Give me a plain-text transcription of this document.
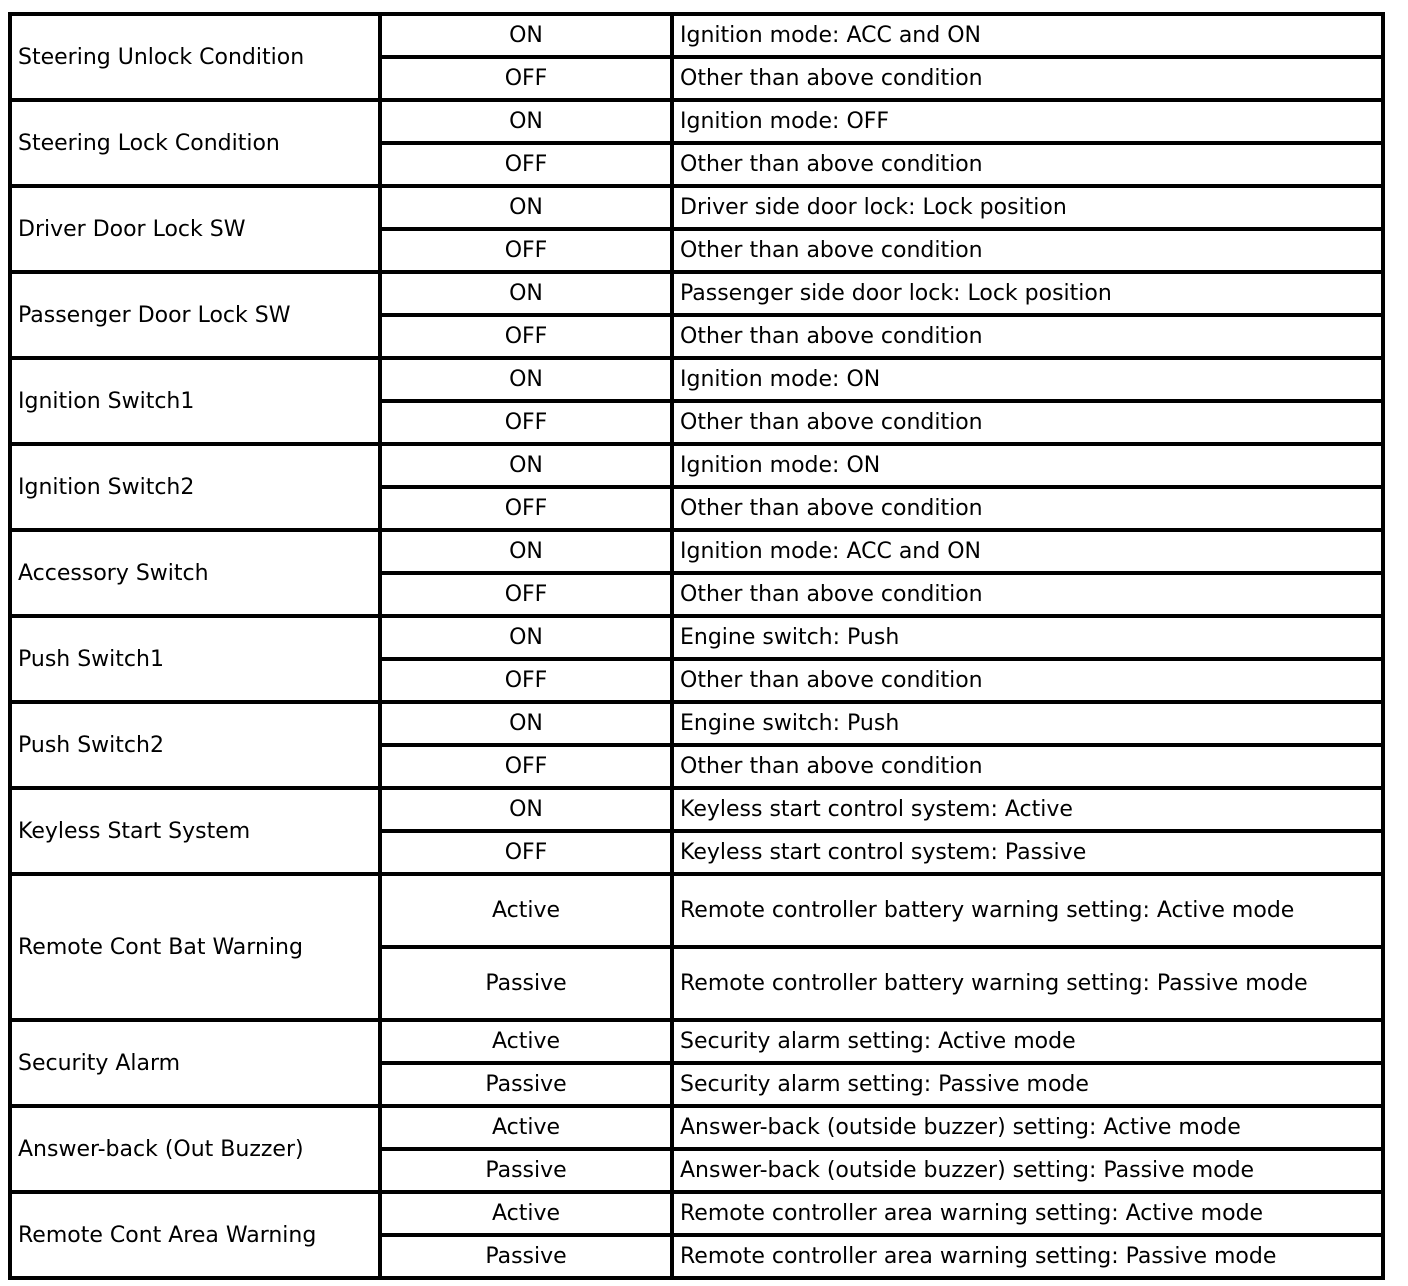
Steering Unlock Condition	ON	Ignition mode: ACC and ON
	OFF	Other than above condition
Steering Lock Condition	ON	Ignition mode: OFF
	OFF	Other than above condition
Driver Door Lock SW	ON	Driver side door lock: Lock position
	OFF	Other than above condition
Passenger Door Lock SW	ON	Passenger side door lock: Lock position
	OFF	Other than above condition
Ignition Switch1	ON	Ignition mode: ON
	OFF	Other than above condition
Ignition Switch2	ON	Ignition mode: ON
	OFF	Other than above condition
Accessory Switch	ON	Ignition mode: ACC and ON
	OFF	Other than above condition
Push Switch1	ON	Engine switch: Push
	OFF	Other than above condition
Push Switch2	ON	Engine switch: Push
	OFF	Other than above condition
Keyless Start System	ON	Keyless start control system: Active
	OFF	Keyless start control system: Passive
Remote Cont Bat Warning	Active	Remote controller battery warning setting: Active mode
	Passive	Remote controller battery warning setting: Passive mode
Security Alarm	Active	Security alarm setting: Active mode
	Passive	Security alarm setting: Passive mode
Answer-back (Out Buzzer)	Active	Answer-back (outside buzzer) setting: Active mode
	Passive	Answer-back (outside buzzer) setting: Passive mode
Remote Cont Area Warning	Active	Remote controller area warning setting: Active mode
	Passive	Remote controller area warning setting: Passive mode
